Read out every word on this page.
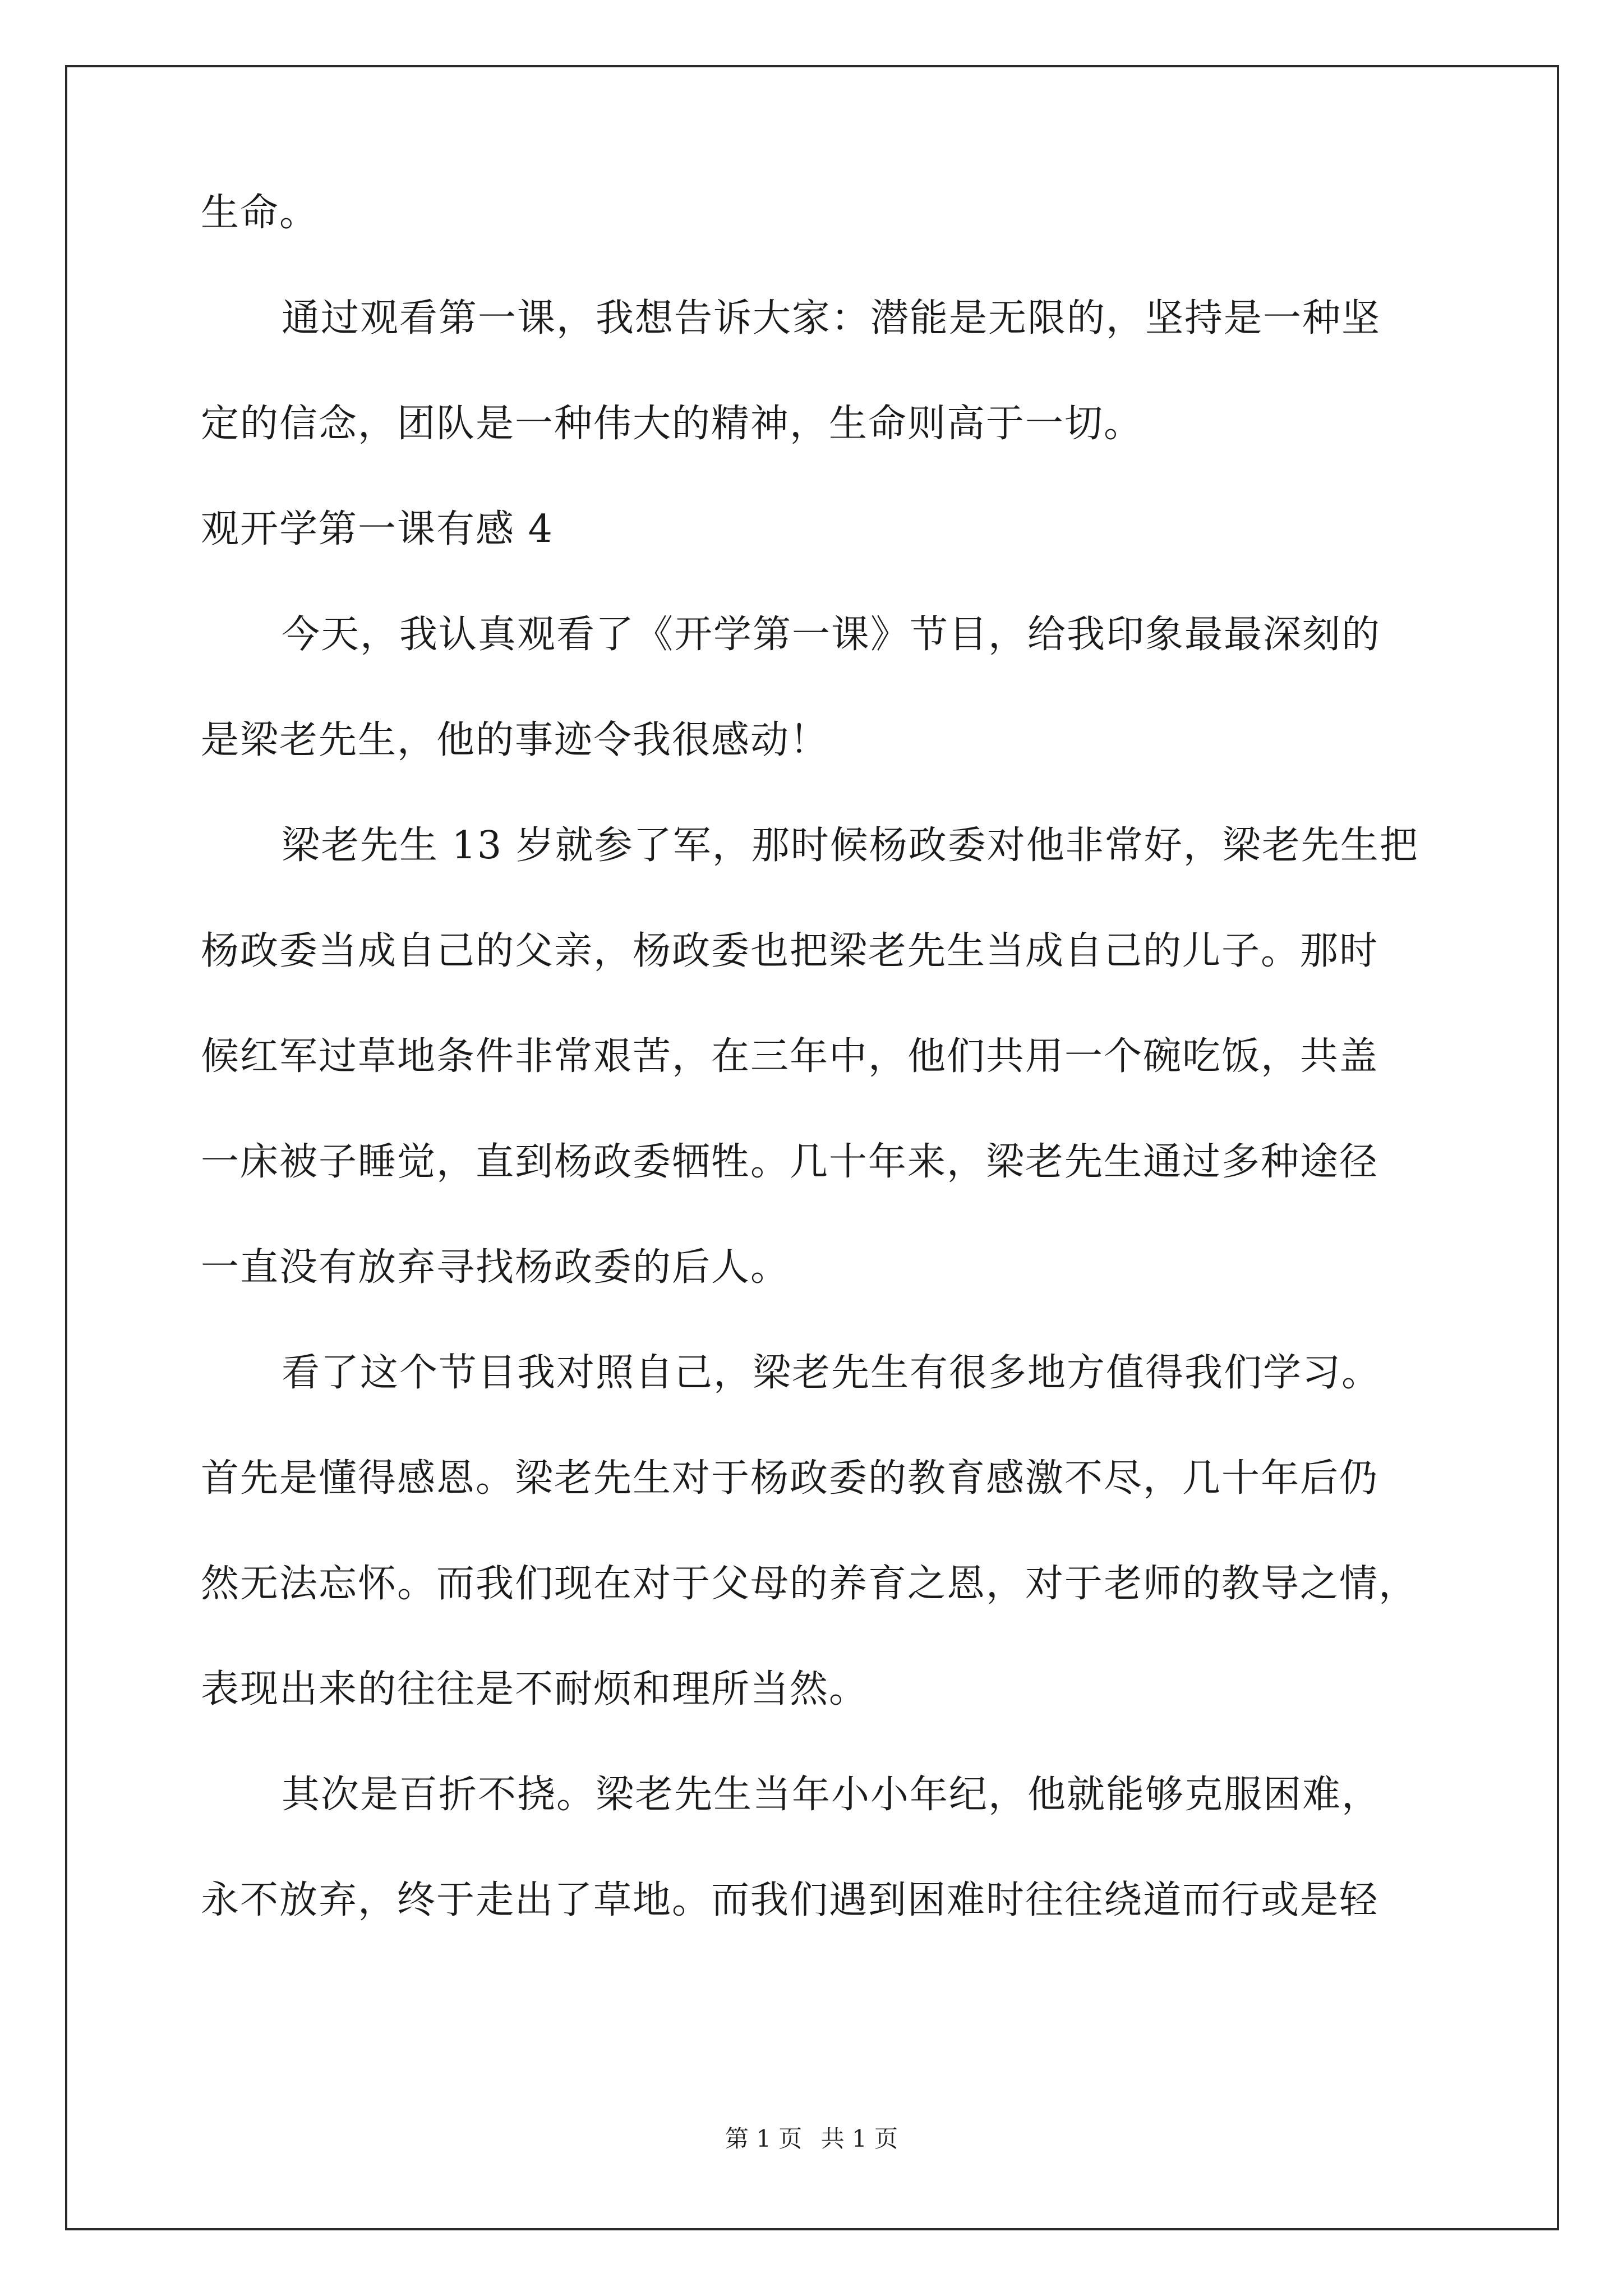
生命。
通过观看第一课，我想告诉大家：潜能是无限的，坚持是一种坚
定的信念，团队是一种伟大的精神，生命则高于一切。
观开学第一课有感 4
今天，我认真观看了《开学第一课》节目，给我印象最最深刻的
是梁老先生，他的事迹令我很感动！
梁老先生 13 岁就参了军，那时候杨政委对他非常好，梁老先生把
杨政委当成自己的父亲，杨政委也把梁老先生当成自己的儿子。那时
候红军过草地条件非常艰苦，在三年中，他们共用一个碗吃饭，共盖
一床被子睡觉，直到杨政委牺牲。几十年来，梁老先生通过多种途径
一直没有放弃寻找杨政委的后人。
看了这个节目我对照自己，梁老先生有很多地方值得我们学习。
首先是懂得感恩。梁老先生对于杨政委的教育感激不尽，几十年后仍
然无法忘怀。而我们现在对于父母的养育之恩，对于老师的教导之情，
表现出来的往往是不耐烦和理所当然。
其次是百折不挠。梁老先生当年小小年纪，他就能够克服困难，
永不放弃，终于走出了草地。而我们遇到困难时往往绕道而行或是轻
第 1 页 共 1 页
